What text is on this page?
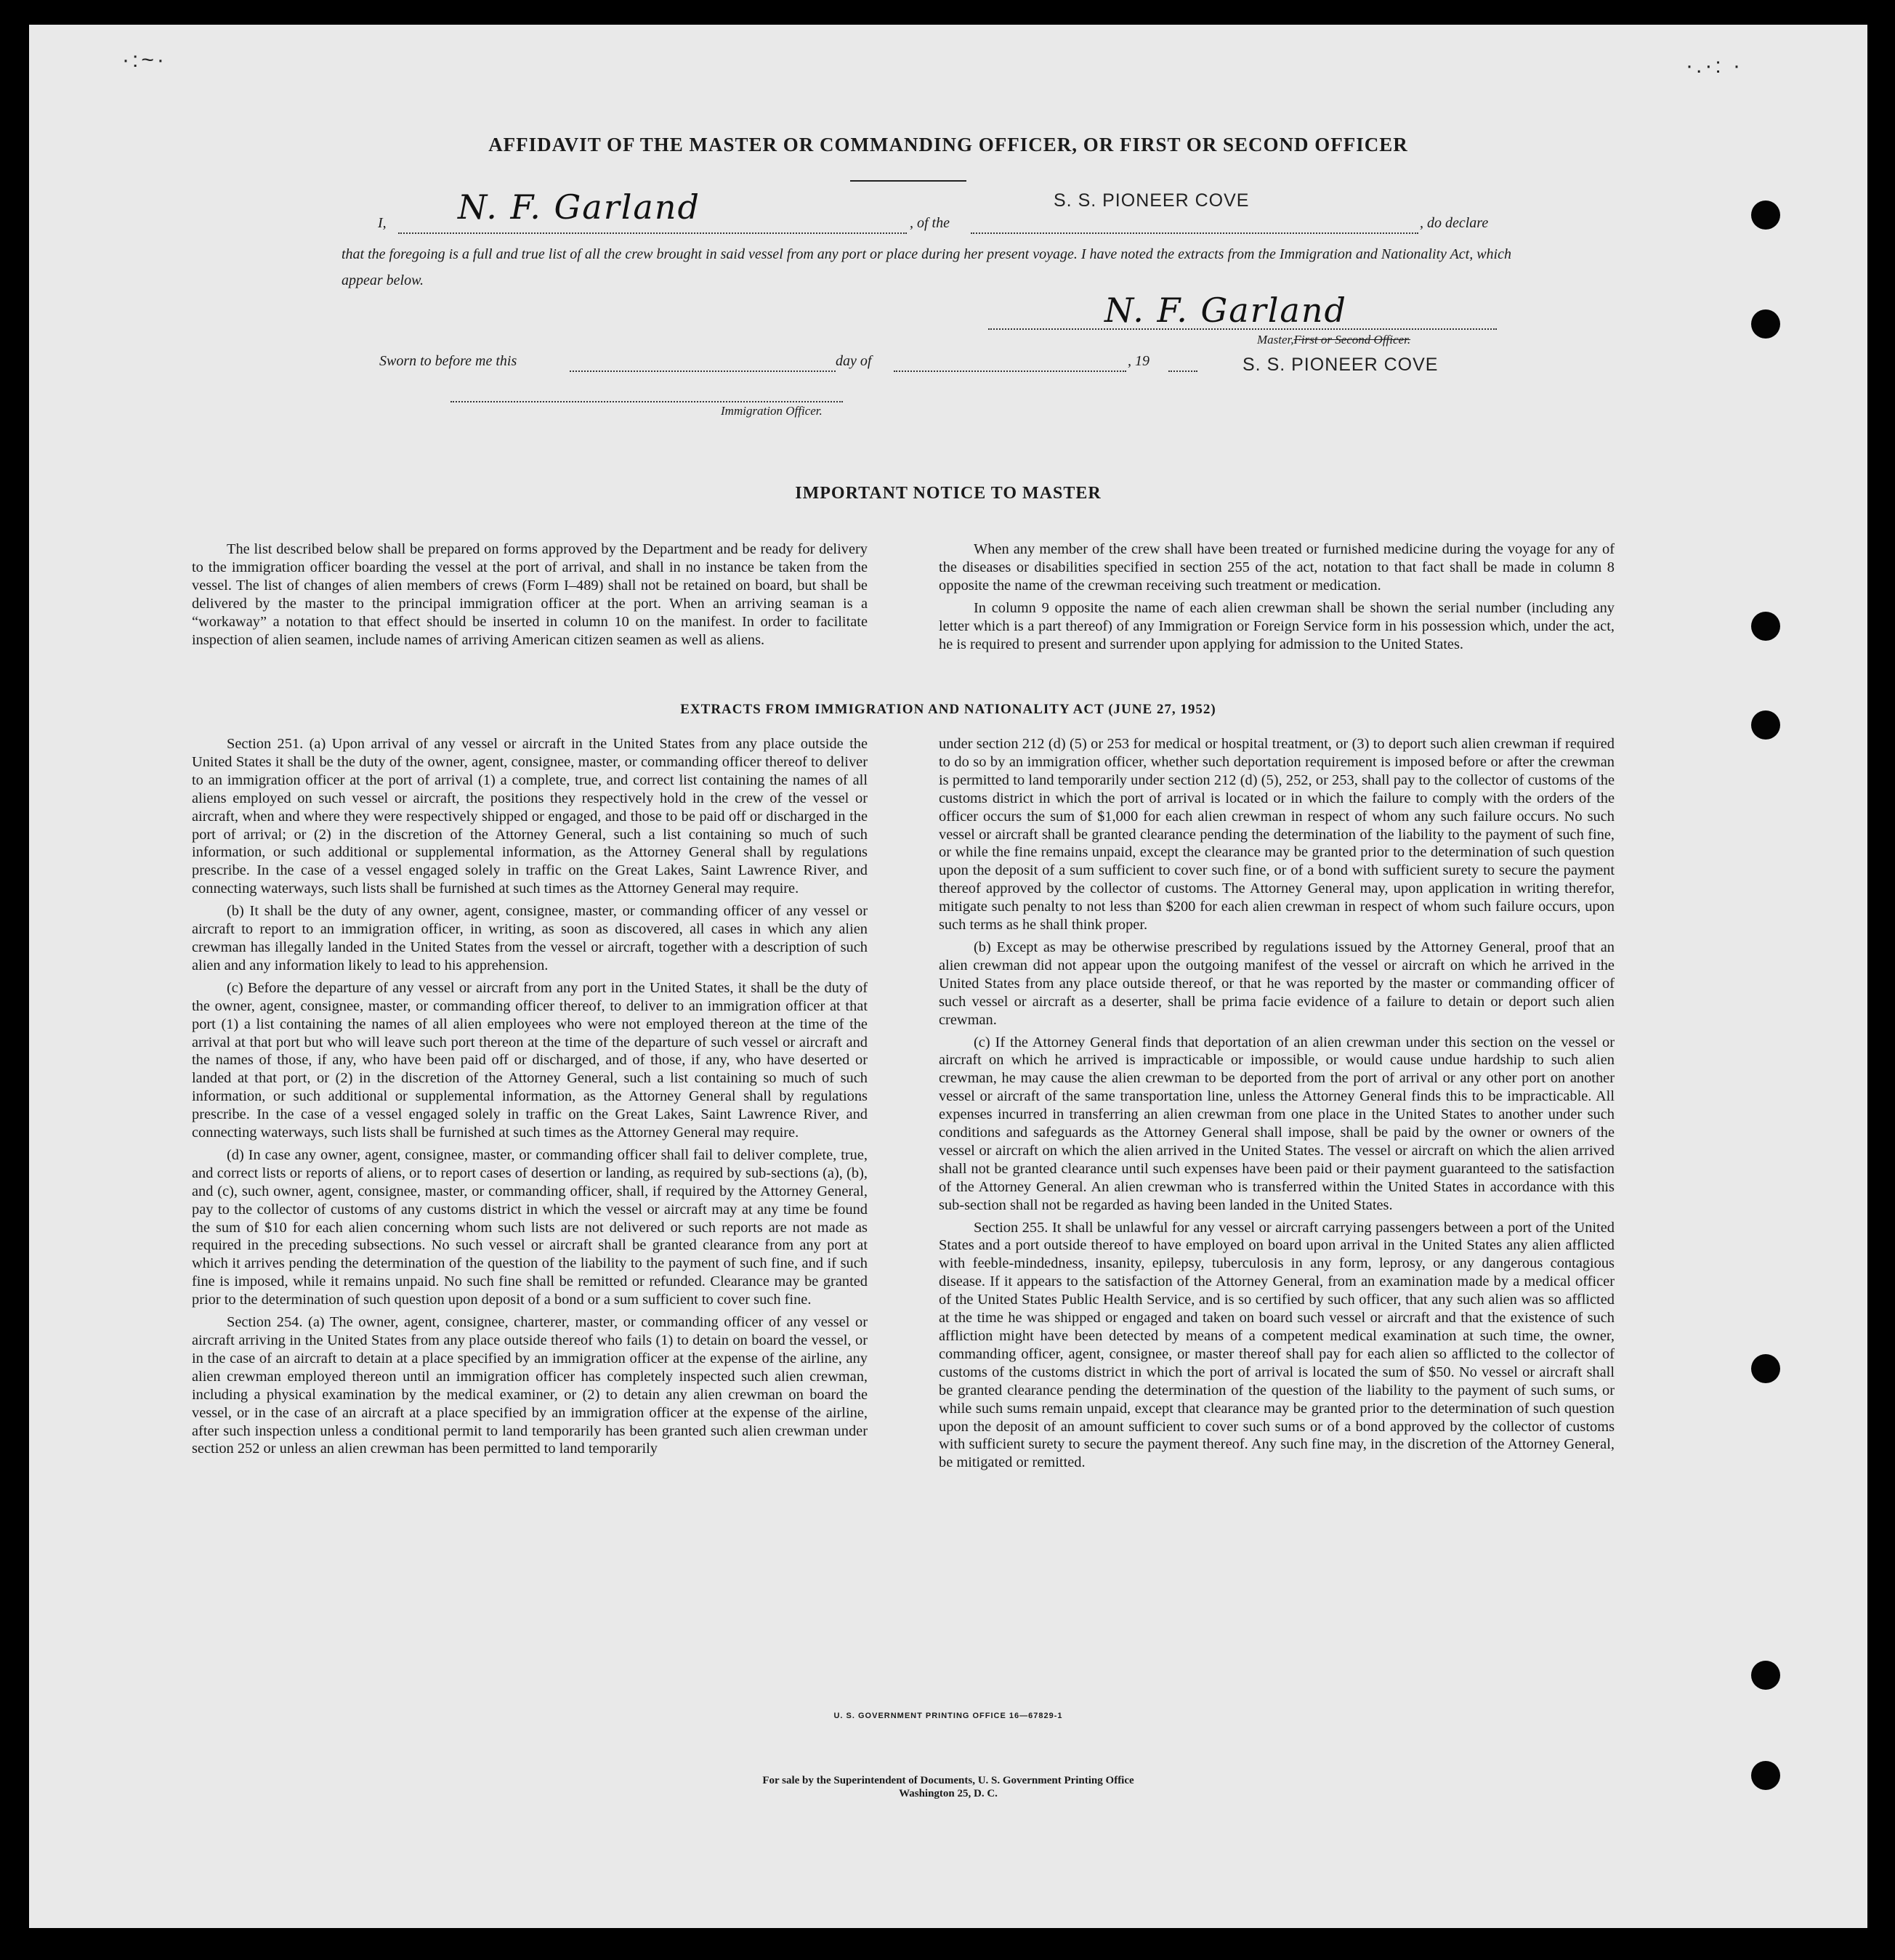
·:~·	·.·: ·
AFFIDAVIT OF THE MASTER OR COMMANDING OFFICER, OR FIRST OR SECOND OFFICER
I, N. F. Garland	, of the
S. S. PIONEER COVE
, do declare
that the foregoing is a full and true list of all the crew brought in said vessel from any port or place during her present voyage. I have noted the extracts from the Immigration and Nationality Act, which appear below.
N. F. Garland
Master,First or Second Officer.
Sworn to before me this	day of	, 19	S. S. PIONEER COVE
Immigration Officer.
IMPORTANT NOTICE TO MASTER

The list described below shall be prepared on forms approved by the Department and be ready for delivery to the immigration officer boarding the vessel at the port of arrival, and shall in no instance be taken from the vessel. The list of changes of alien members of crews (Form I–489) shall not be retained on board, but shall be delivered by the master to the principal immigration officer at the port. When an arriving seaman is a “workaway” a notation to that effect should be inserted in column 10 on the manifest. In order to facilitate inspection of alien seamen, include names of arriving American citizen seamen as well as aliens.

When any member of the crew shall have been treated or furnished medicine during the voyage for any of the diseases or disabilities specified in section 255 of the act, notation to that fact shall be made in column 8 opposite the name of the crewman receiving such treatment or medication.

In column 9 opposite the name of each alien crewman shall be shown the serial number (including any letter which is a part thereof) of any Immigration or Foreign Service form in his possession which, under the act, he is required to present and surrender upon applying for admission to the United States.

EXTRACTS FROM IMMIGRATION AND NATIONALITY ACT (JUNE 27, 1952)

Section 251. (a) Upon arrival of any vessel or aircraft in the United States from any place outside the United States it shall be the duty of the owner, agent, consignee, master, or commanding officer thereof to deliver to an immigration officer at the port of arrival (1) a complete, true, and correct list containing the names of all aliens employed on such vessel or aircraft, the positions they respectively hold in the crew of the vessel or aircraft, when and where they were respectively shipped or engaged, and those to be paid off or discharged in the port of arrival; or (2) in the discretion of the Attorney General, such a list containing so much of such information, or such additional or supplemental information, as the Attorney General shall by regulations prescribe. In the case of a vessel engaged solely in traffic on the Great Lakes, Saint Lawrence River, and connecting waterways, such lists shall be furnished at such times as the Attorney General may require.

(b) It shall be the duty of any owner, agent, consignee, master, or commanding officer of any vessel or aircraft to report to an immigration officer, in writing, as soon as discovered, all cases in which any alien crewman has illegally landed in the United States from the vessel or aircraft, together with a description of such alien and any information likely to lead to his apprehension.

(c) Before the departure of any vessel or aircraft from any port in the United States, it shall be the duty of the owner, agent, consignee, master, or commanding officer thereof, to deliver to an immigration officer at that port (1) a list containing the names of all alien employees who were not employed thereon at the time of the arrival at that port but who will leave such port thereon at the time of the departure of such vessel or aircraft and the names of those, if any, who have been paid off or discharged, and of those, if any, who have deserted or landed at that port, or (2) in the discretion of the Attorney General, such a list containing so much of such information, or such additional or supplemental information, as the Attorney General shall by regulations prescribe. In the case of a vessel engaged solely in traffic on the Great Lakes, Saint Lawrence River, and connecting waterways, such lists shall be furnished at such times as the Attorney General may require.

(d) In case any owner, agent, consignee, master, or commanding officer shall fail to deliver complete, true, and correct lists or reports of aliens, or to report cases of desertion or landing, as required by sub-sections (a), (b), and (c), such owner, agent, consignee, master, or commanding officer, shall, if required by the Attorney General, pay to the collector of customs of any customs district in which the vessel or aircraft may at any time be found the sum of $10 for each alien concerning whom such lists are not delivered or such reports are not made as required in the preceding subsections. No such vessel or aircraft shall be granted clearance from any port at which it arrives pending the determination of the question of the liability to the payment of such fine, and if such fine is imposed, while it remains unpaid. No such fine shall be remitted or refunded. Clearance may be granted prior to the determination of such question upon deposit of a bond or a sum sufficient to cover such fine.

Section 254. (a) The owner, agent, consignee, charterer, master, or commanding officer of any vessel or aircraft arriving in the United States from any place outside thereof who fails (1) to detain on board the vessel, or in the case of an aircraft to detain at a place specified by an immigration officer at the expense of the airline, any alien crewman employed thereon until an immigration officer has completely inspected such alien crewman, including a physical examination by the medical examiner, or (2) to detain any alien crewman on board the vessel, or in the case of an aircraft at a place specified by an immigration officer at the expense of the airline, after such inspection unless a conditional permit to land temporarily has been granted such alien crewman under section 252 or unless an alien crewman has been permitted to land temporarily

under section 212 (d) (5) or 253 for medical or hospital treatment, or (3) to deport such alien crewman if required to do so by an immigration officer, whether such deportation requirement is imposed before or after the crewman is permitted to land temporarily under section 212 (d) (5), 252, or 253, shall pay to the collector of customs of the customs district in which the port of arrival is located or in which the failure to comply with the orders of the officer occurs the sum of $1,000 for each alien crewman in respect of whom any such failure occurs. No such vessel or aircraft shall be granted clearance pending the determination of the liability to the payment of such fine, or while the fine remains unpaid, except the clearance may be granted prior to the determination of such question upon the deposit of a sum sufficient to cover such fine, or of a bond with sufficient surety to secure the payment thereof approved by the collector of customs. The Attorney General may, upon application in writing therefor, mitigate such penalty to not less than $200 for each alien crewman in respect of whom such failure occurs, upon such terms as he shall think proper.

(b) Except as may be otherwise prescribed by regulations issued by the Attorney General, proof that an alien crewman did not appear upon the outgoing manifest of the vessel or aircraft on which he arrived in the United States from any place outside thereof, or that he was reported by the master or commanding officer of such vessel or aircraft as a deserter, shall be prima facie evidence of a failure to detain or deport such alien crewman.

(c) If the Attorney General finds that deportation of an alien crewman under this section on the vessel or aircraft on which he arrived is impracticable or impossible, or would cause undue hardship to such alien crewman, he may cause the alien crewman to be deported from the port of arrival or any other port on another vessel or aircraft of the same transportation line, unless the Attorney General finds this to be impracticable. All expenses incurred in transferring an alien crewman from one place in the United States to another under such conditions and safeguards as the Attorney General shall impose, shall be paid by the owner or owners of the vessel or aircraft on which the alien arrived in the United States. The vessel or aircraft on which the alien arrived shall not be granted clearance until such expenses have been paid or their payment guaranteed to the satisfaction of the Attorney General. An alien crewman who is transferred within the United States in accordance with this sub-section shall not be regarded as having been landed in the United States.

Section 255. It shall be unlawful for any vessel or aircraft carrying passengers between a port of the United States and a port outside thereof to have employed on board upon arrival in the United States any alien afflicted with feeble-mindedness, insanity, epilepsy, tuberculosis in any form, leprosy, or any dangerous contagious disease. If it appears to the satisfaction of the Attorney General, from an examination made by a medical officer of the United States Public Health Service, and is so certified by such officer, that any such alien was so afflicted at the time he was shipped or engaged and taken on board such vessel or aircraft and that the existence of such affliction might have been detected by means of a competent medical examination at such time, the owner, commanding officer, agent, consignee, or master thereof shall pay for each alien so afflicted to the collector of customs of the customs district in which the port of arrival is located the sum of $50. No vessel or aircraft shall be granted clearance pending the determination of the question of the liability to the payment of such sums, or while such sums remain unpaid, except that clearance may be granted prior to the determination of such question upon the deposit of an amount sufficient to cover such sums or of a bond approved by the collector of customs with sufficient surety to secure the payment thereof. Any such fine may, in the discretion of the Attorney General, be mitigated or remitted.

U. S. GOVERNMENT PRINTING OFFICE 16—67829-1
For sale by the Superintendent of Documents, U. S. Government Printing Office
Washington 25, D. C.
